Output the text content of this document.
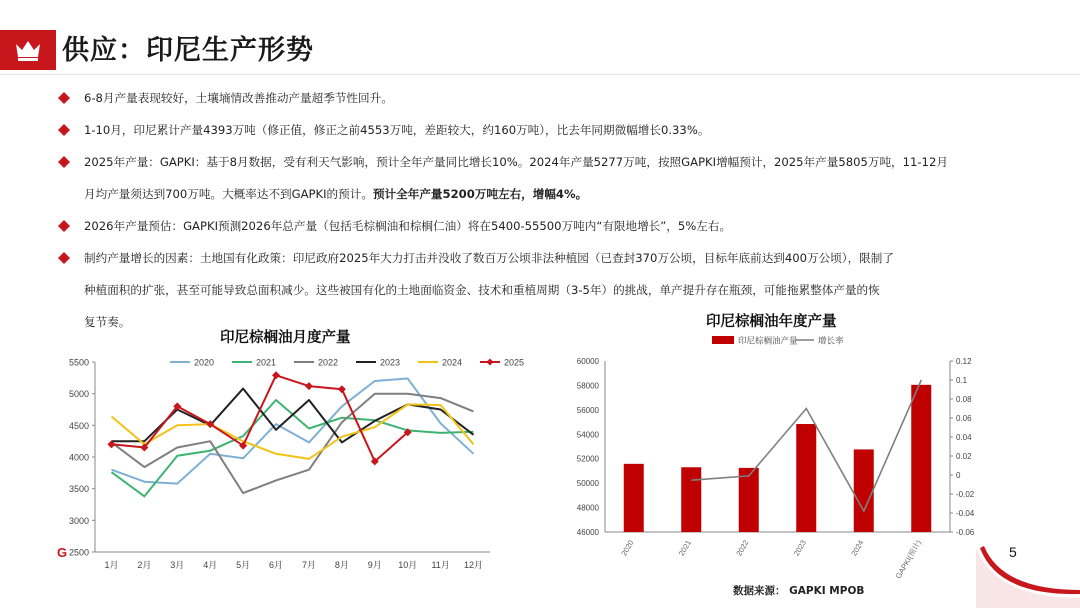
供应：印尼生产形势
6-8月产量表现较好，土壤墒情改善推动产量超季节性回升。
1-10月，印尼累计产量4393万吨（修正值，修正之前4553万吨，差距较大，约160万吨），比去年同期微幅增长0.33%。
2025年产量：GAPKI：基于8月数据，受有利天气影响，预计全年产量同比增长10%。2024年产量5277万吨，按照GAPKI增幅预计，2025年产量5805万吨，11-12月
月均产量须达到700万吨。大概率达不到GAPKI的预计。预计全年产量5200万吨左右，增幅4%。
2026年产量预估：GAPKI预测2026年总产量（包括毛棕榈油和棕榈仁油）将在5400-55500万吨内“有限地增长”，5%左右。
制约产量增长的因素：土地国有化政策：印尼政府2025年大力打击并没收了数百万公顷非法种植园（已查封370万公顷，目标年底前达到400万公顷），限制了
种植面积的扩张，甚至可能导致总面积减少。这些被国有化的土地面临资金、技术和重植周期（3-5年）的挑战，单产提升存在瓶颈，可能拖累整体产量的恢
复节奏。
印尼棕榈油月度产量
2500
3000
3500
4000
4500
5000
5500
1月 2月 3月 4月 5月 6月 7月 8月 9月 10月 11月 12月
2020	2021	2022	2023	2024	2025
G
印尼棕榈油年度产量
46000
48000
50000
52000
54000
56000
58000
60000
-0.06
-0.04
-0.02
0
0.02
0.04
0.06
0.08
0.1
0.12
2020	2021	2022	2023	2024	GAPKI(预计)
印尼棕榈油产量 增长率
数据来源： GAPKI MPOB
5
